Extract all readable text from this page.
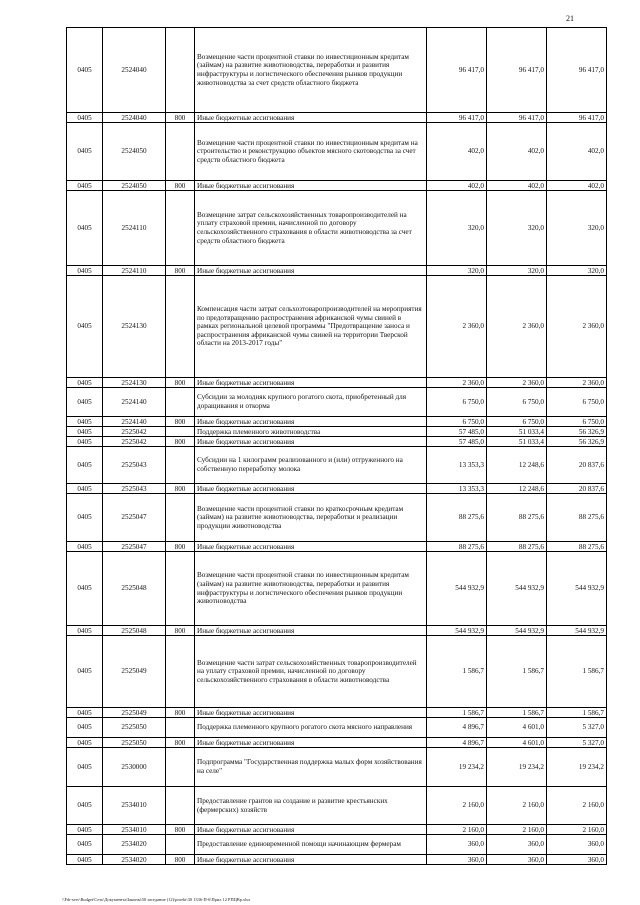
21
0405	2524040		Возмещение части процентной ставки по инвестиционным кредитам (займам) на развитие животноводства, переработки и развития инфраструктуры и логистического обеспечения рынков продукции животноводства за счет средств областного бюджета	96 417,0	96 417,0	96 417,0
0405	2524040	800	Иные бюджетные ассигнования	96 417,0	96 417,0	96 417,0
0405	2524050		Возмещение части процентной ставки по инвестиционным кредитам на строительство и реконструкцию объектов мясного скотоводства за счет средств областного бюджета	402,0	402,0	402,0
0405	2524050	800	Иные бюджетные ассигнования	402,0	402,0	402,0
0405	2524110		Возмещение затрат сельскохозяйственных товаропроизводителей на уплату страховой премии, начисленной по договору сельскохозяйственного страхования в области животноводства за счет средств областного бюджета	320,0	320,0	320,0
0405	2524110	800	Иные бюджетные ассигнования	320,0	320,0	320,0
0405	2524130		Компенсация части затрат сельхозтоваропроизводителей на мероприятия по предотвращению распространения африканской чумы свиней в рамках региональной целевой программы "Предотвращение заноса и распространения африканской чумы свиней на территории Тверской области на 2013-2017 годы"	2 360,0	2 360,0	2 360,0
0405	2524130	800	Иные бюджетные ассигнования	2 360,0	2 360,0	2 360,0
0405	2524140		Субсидии за молодняк крупного рогатого скота, приобретенный для доращивания и откорма	6 750,0	6 750,0	6 750,0
0405	2524140	800	Иные бюджетные ассигнования	6 750,0	6 750,0	6 750,0
0405	2525042		Поддержка племенного животноводства	57 485,0	51 033,4	56 326,9
0405	2525042	800	Иные бюджетные ассигнования	57 485,0	51 033,4	56 326,9
0405	2525043		Субсидии на 1 килограмм реализованного и (или) отгруженного на собственную переработку молока	13 353,3	12 248,6	20 837,6
0405	2525043	800	Иные бюджетные ассигнования	13 353,3	12 248,6	20 837,6
0405	2525047		Возмещение части процентной ставки по краткосрочным кредитам (займам) на развитие животноводства, переработки и реализации продукции животноводства	88 275,6	88 275,6	88 275,6
0405	2525047	800	Иные бюджетные ассигнования	88 275,6	88 275,6	88 275,6
0405	2525048		Возмещение части процентной ставки по инвестиционным кредитам (займам) на развитие животноводства, переработки и развития инфраструктуры и логистического обеспечения рынков продукции животноводства	544 932,9	544 932,9	544 932,9
0405	2525048	800	Иные бюджетные ассигнования	544 932,9	544 932,9	544 932,9
0405	2525049		Возмещение части затрат сельскохозяйственных товаропроизводителей на уплату страховой премии, начисленной по договору сельскохозяйственного страхования в области животноводства	1 586,7	1 586,7	1 586,7
0405	2525049	800	Иные бюджетные ассигнования	1 586,7	1 586,7	1 586,7
0405	2525050		Поддержка племенного крупного рогатого скота мясного направления	4 896,7	4 601,0	5 327,0
0405	2525050	800	Иные бюджетные ассигнования	4 896,7	4 601,0	5 327,0
0405	2530000		Подпрограмма "Государственная поддержка малых форм хозяйствования на селе"	19 234,2	19 234,2	19 234,2
0405	2534010		Предоставление грантов на создание и развитие крестьянских (фермерских) хозяйств	2 160,0	2 160,0	2 160,0
0405	2534010	800	Иные бюджетные ассигнования	2 160,0	2 160,0	2 160,0
0405	2534020		Предоставление единовременной помощи начинающим фермерам	360,0	360,0	360,0
0405	2534020	800	Иные бюджетные ассигнования	360,0	360,0	360,0
\\Fdr-serv\Budget\Сеть\Документы\Законы\50 заседание (12)\proekt\30 1336-П-6\Прил 12 РПЦВр.xlsx
